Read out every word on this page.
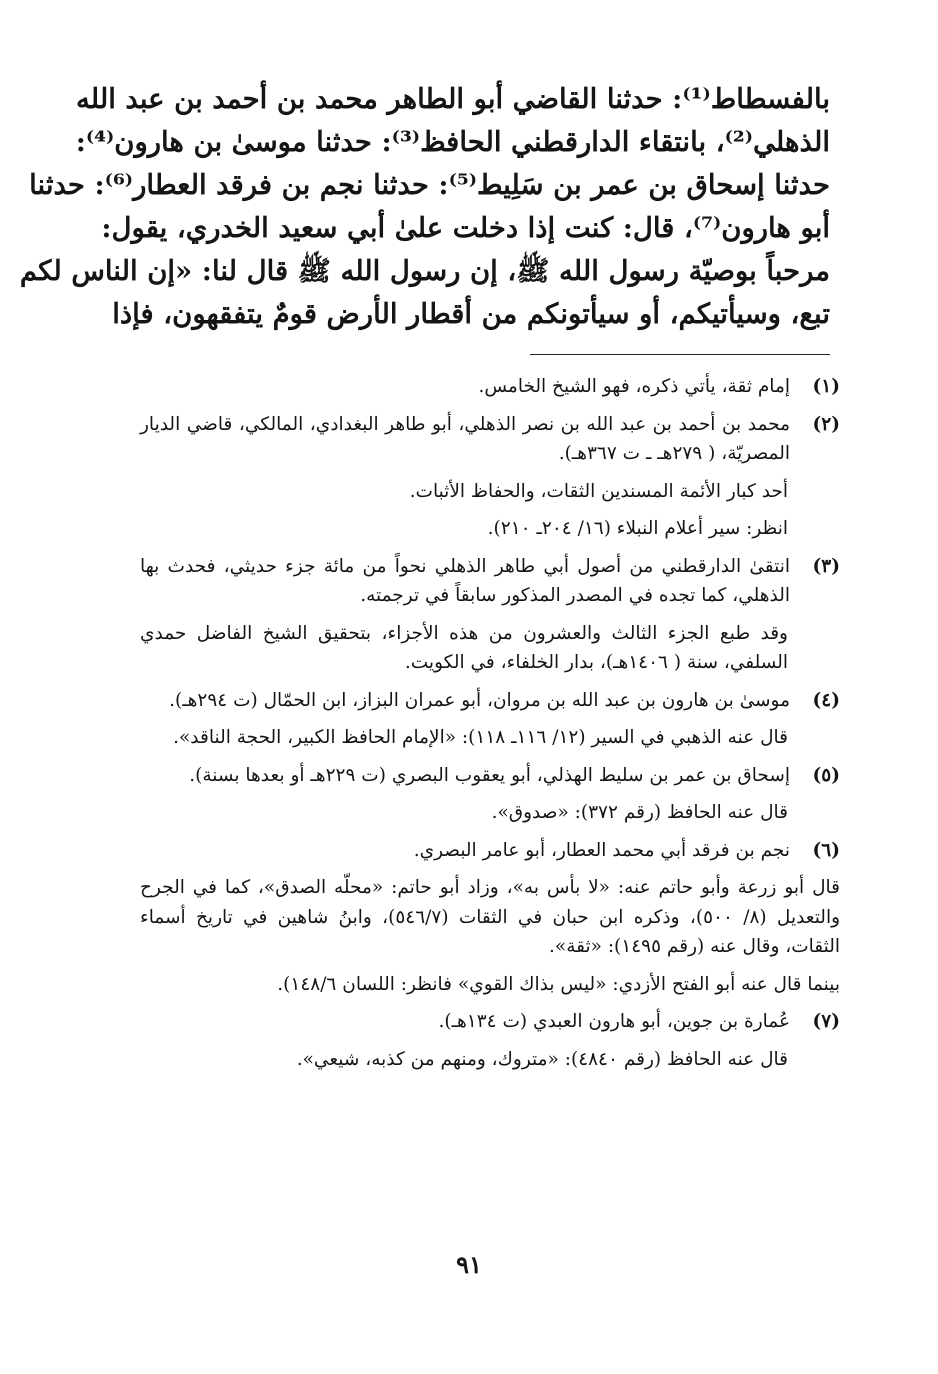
بالفسطاط⁽¹⁾: حدثنا القاضي أبو الطاهر محمد بن أحمد بن عبد الله
الذهلي⁽²⁾، بانتقاء الدارقطني الحافظ⁽³⁾: حدثنا موسىٰ بن هارون⁽⁴⁾:
حدثنا إسحاق بن عمر بن سَلِيط⁽⁵⁾: حدثنا نجم بن فرقد العطار⁽⁶⁾: حدثنا
أبو هارون⁽⁷⁾، قال: كنت إذا دخلت علىٰ أبي سعيد الخدري، يقول:
مرحباً بوصيّة رسول الله ﷺ، إن رسول الله ﷺ قال لنا: «إن الناس لكم
تبع، وسيأتيكم، أو سيأتونكم من أقطار الأرض قومٌ يتفقهون، فإذا
(١)

إمام ثقة، يأتي ذكره، فهو الشيخ الخامس.

(٢)

محمد بن أحمد بن عبد الله بن نصر الذهلي، أبو طاهر البغدادي، المالكي، قاضي الديار المصريّة، ( ٢٧٩هـ ـ ت ٣٦٧هـ).

أحد كبار الأئمة المسندين الثقات، والحفاظ الأثبات.

انظر: سير أعلام النبلاء (١٦/ ٢٠٤ـ ٢١٠).

(٣)

انتقىٰ الدارقطني من أصول أبي طاهر الذهلي نحواً من مائة جزء حديثي، فحدث بها الذهلي، كما تجده في المصدر المذكور سابقاً في ترجمته.

وقد طبع الجزء الثالث والعشرون من هذه الأجزاء، بتحقيق الشيخ الفاضل حمدي السلفي، سنة ( ١٤٠٦هـ)، بدار الخلفاء، في الكويت.

(٤)

موسىٰ بن هارون بن عبد الله بن مروان، أبو عمران البزاز، ابن الحمّال (ت ٢٩٤هـ).

قال عنه الذهبي في السير (١٢/ ١١٦ـ ١١٨): «الإمام الحافظ الكبير، الحجة الناقد».

(٥)

إسحاق بن عمر بن سليط الهذلي، أبو يعقوب البصري (ت ٢٢٩هـ أو بعدها بسنة).

قال عنه الحافظ (رقم ٣٧٢): «صدوق».

(٦)

نجم بن فرقد أبي محمد العطار، أبو عامر البصري.

قال أبو زرعة وأبو حاتم عنه: «لا بأس به»، وزاد أبو حاتم: «محلّه الصدق»، كما في الجرح والتعديل (٨/ ٥٠٠)، وذكره ابن حبان في الثقات (٥٤٦/٧)، وابنُ شاهين في تاريخ أسماء الثقات، وقال عنه (رقم ١٤٩٥): «ثقة».

بينما قال عنه أبو الفتح الأزدي: «ليس بذاك القوي» فانظر: اللسان ١٤٨/٦).

(٧)

عُمارة بن جوين، أبو هارون العبدي (ت ١٣٤هـ).

قال عنه الحافظ (رقم ٤٨٤٠): «متروك، ومنهم من كذبه، شيعي».

٩١
